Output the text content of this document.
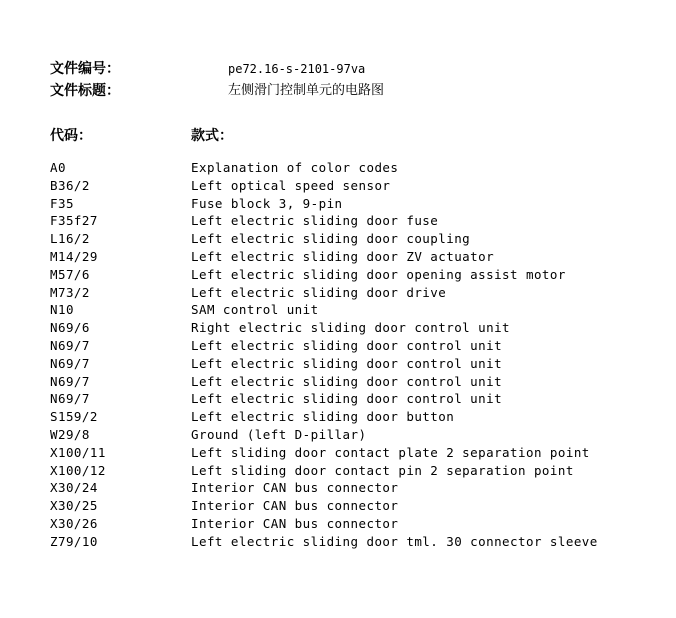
文件编号：	pe72.16-s-2101-97va
文件标题：	左侧滑门控制单元的电路图
代码：	款式：
A0	Explanation of color codes
B36/2	Left optical speed sensor
F35	Fuse block 3, 9-pin
F35f27	Left electric sliding door fuse
L16/2	Left electric sliding door coupling
M14/29	Left electric sliding door ZV actuator
M57/6	Left electric sliding door opening assist motor
M73/2	Left electric sliding door drive
N10	SAM control unit
N69/6	Right electric sliding door control unit
N69/7	Left electric sliding door control unit
N69/7	Left electric sliding door control unit
N69/7	Left electric sliding door control unit
N69/7	Left electric sliding door control unit
S159/2	Left electric sliding door button
W29/8	Ground (left D-pillar)
X100/11	Left sliding door contact plate 2 separation point
X100/12	Left sliding door contact pin 2 separation point
X30/24	Interior CAN bus connector
X30/25	Interior CAN bus connector
X30/26	Interior CAN bus connector
Z79/10	Left electric sliding door tml. 30 connector sleeve
